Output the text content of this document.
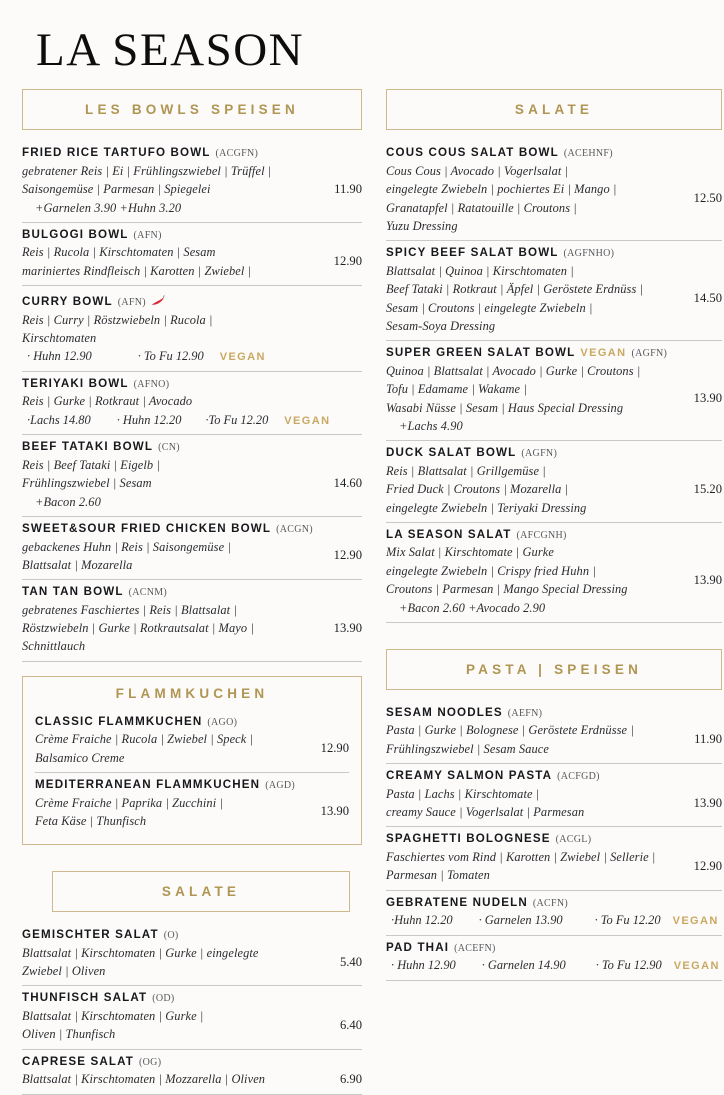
LA SEASON
LES BOWLS SPEISEN
FRIED RICE TARTUFO BOWL (ACGFN)
gebratener Reis | Ei | Frühlingszwiebel | Trüffel |
Saisongemüse | Parmesan | Spiegelei
+Garnelen 3.90 +Huhn 3.20
11.90
BULGOGI BOWL (AFN)
Reis | Rucola | Kirschtomaten | Sesam
mariniertes Rindfleisch | Karotten | Zwiebel |
12.90
CURRY BOWL (AFN)
Reis | Curry | Röstzwiebeln | Rucola |
Kirschtomaten
· Huhn 12.90	· To Fu 12.90 VEGAN
TERIYAKI BOWL (AFNO)
Reis | Gurke | Rotkraut | Avocado
·Lachs 14.80 · Huhn 12.20 ·To Fu 12.20 VEGAN
BEEF TATAKI BOWL (CN)
Reis | Beef Tataki | Eigelb |
Frühlingszwiebel | Sesam
+Bacon 2.60
14.60
SWEET&SOUR FRIED CHICKEN BOWL (ACGN)
gebackenes Huhn | Reis | Saisongemüse |
Blattsalat | Mozarella
12.90
TAN TAN BOWL (ACNM)
gebratenes Faschiertes | Reis | Blattsalat |
Röstzwiebeln | Gurke | Rotkrautsalat | Mayo |
Schnittlauch
13.90
FLAMMKUCHEN
CLASSIC FLAMMKUCHEN (AGO)
Crème Fraiche | Rucola | Zwiebel | Speck |
Balsamico Creme
12.90
MEDITERRANEAN FLAMMKUCHEN (AGD)
Crème Fraiche | Paprika | Zucchini |
Feta Käse | Thunfisch
13.90
SALATE
GEMISCHTER SALAT (O)
Blattsalat | Kirschtomaten | Gurke | eingelegte
Zwiebel | Oliven
5.40
THUNFISCH SALAT (OD)
Blattsalat | Kirschtomaten | Gurke |
Oliven | Thunfisch
6.40
CAPRESE SALAT (OG)
Blattsalat | Kirschtomaten | Mozzarella | Oliven	6.90
SALATE
COUS COUS SALAT BOWL (ACEHNF)
Cous Cous | Avocado | Vogerlsalat |
eingelegte Zwiebeln | pochiertes Ei | Mango |
Granatapfel | Ratatouille | Croutons |
Yuzu Dressing
12.50
SPICY BEEF SALAT BOWL (AGFNHO)
Blattsalat | Quinoa | Kirschtomaten |
Beef Tataki | Rotkraut | Äpfel | Geröstete Erdnüss |
Sesam | Croutons | eingelegte Zwiebeln |
Sesam-Soya Dressing
14.50
SUPER GREEN SALAT BOWL VEGAN (AGFN)
Quinoa | Blattsalat | Avocado | Gurke | Croutons |
Tofu | Edamame | Wakame |
Wasabi Nüsse | Sesam | Haus Special Dressing
+Lachs 4.90
13.90
DUCK SALAT BOWL (AGFN)
Reis | Blattsalat | Grillgemüse |
Fried Duck | Croutons | Mozarella |
eingelegte Zwiebeln | Teriyaki Dressing
15.20
LA SEASON SALAT (AFCGNH)
Mix Salat | Kirschtomate | Gurke
eingelegte Zwiebeln | Crispy fried Huhn |
Croutons | Parmesan | Mango Special Dressing
+Bacon 2.60 +Avocado 2.90
13.90
PASTA | SPEISEN
SESAM NOODLES (AEFN)
Pasta | Gurke | Bolognese | Geröstete Erdnüsse |
Frühlingszwiebel | Sesam Sauce
11.90
CREAMY SALMON PASTA (ACFGD)
Pasta | Lachs | Kirschtomate |
creamy Sauce | Vogerlsalat | Parmesan
13.90
SPAGHETTI BOLOGNESE (ACGL)
Faschiertes vom Rind | Karotten | Zwiebel | Sellerie |
Parmesan | Tomaten
12.90
GEBRATENE NUDELN (ACFN)
·Huhn 12.20 · Garnelen 13.90	· To Fu 12.20 VEGAN
PAD THAI (ACEFN)
· Huhn 12.90 · Garnelen 14.90 · To Fu 12.90 VEGAN
